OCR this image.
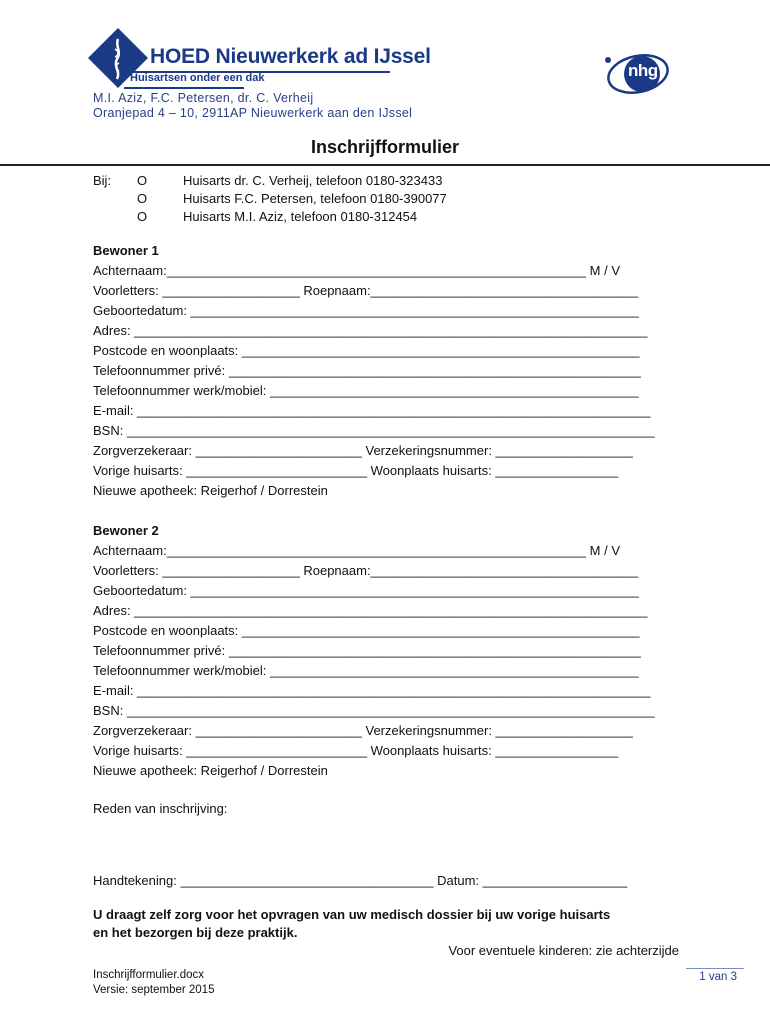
HOED Nieuwerkerk ad IJssel
Huisartsen onder een dak	nhg
M.I. Aziz, F.C. Petersen, dr. C. Verheij
Oranjepad 4 – 10, 2911AP Nieuwerkerk aan den IJssel
Inschrijfformulier
Bij: O	Huisarts dr. C. Verheij, telefoon 0180-323433
O	Huisarts F.C. Petersen, telefoon 0180-390077
O	Huisarts M.I. Aziz, telefoon 0180-312454
Bewoner 1
Achternaam:__________________________________________________________ M / V
Voorletters: ___________________ Roepnaam:_____________________________________
Geboortedatum: ______________________________________________________________
Adres: _______________________________________________________________________
Postcode en woonplaats: _______________________________________________________
Telefoonnummer privé: _________________________________________________________
Telefoonnummer werk/mobiel: ___________________________________________________
E-mail: _______________________________________________________________________
BSN: _________________________________________________________________________
Zorgverzekeraar: _______________________ Verzekeringsnummer: ___________________
Vorige huisarts: _________________________ Woonplaats huisarts: _________________
Nieuwe apotheek: Reigerhof / Dorrestein
Bewoner 2
Achternaam:__________________________________________________________ M / V
Voorletters: ___________________ Roepnaam:_____________________________________
Geboortedatum: ______________________________________________________________
Adres: _______________________________________________________________________
Postcode en woonplaats: _______________________________________________________
Telefoonnummer privé: _________________________________________________________
Telefoonnummer werk/mobiel: ___________________________________________________
E-mail: _______________________________________________________________________
BSN: _________________________________________________________________________
Zorgverzekeraar: _______________________ Verzekeringsnummer: ___________________
Vorige huisarts: _________________________ Woonplaats huisarts: _________________
Nieuwe apotheek: Reigerhof / Dorrestein
Reden van inschrijving:
Handtekening: ___________________________________ Datum: ____________________
U draagt zelf zorg voor het opvragen van uw medisch dossier bij uw vorige huisarts
en het bezorgen bij deze praktijk.
Voor eventuele kinderen: zie achterzijde
Inschrijfformulier.docx
Versie: september 2015
1 van 3
